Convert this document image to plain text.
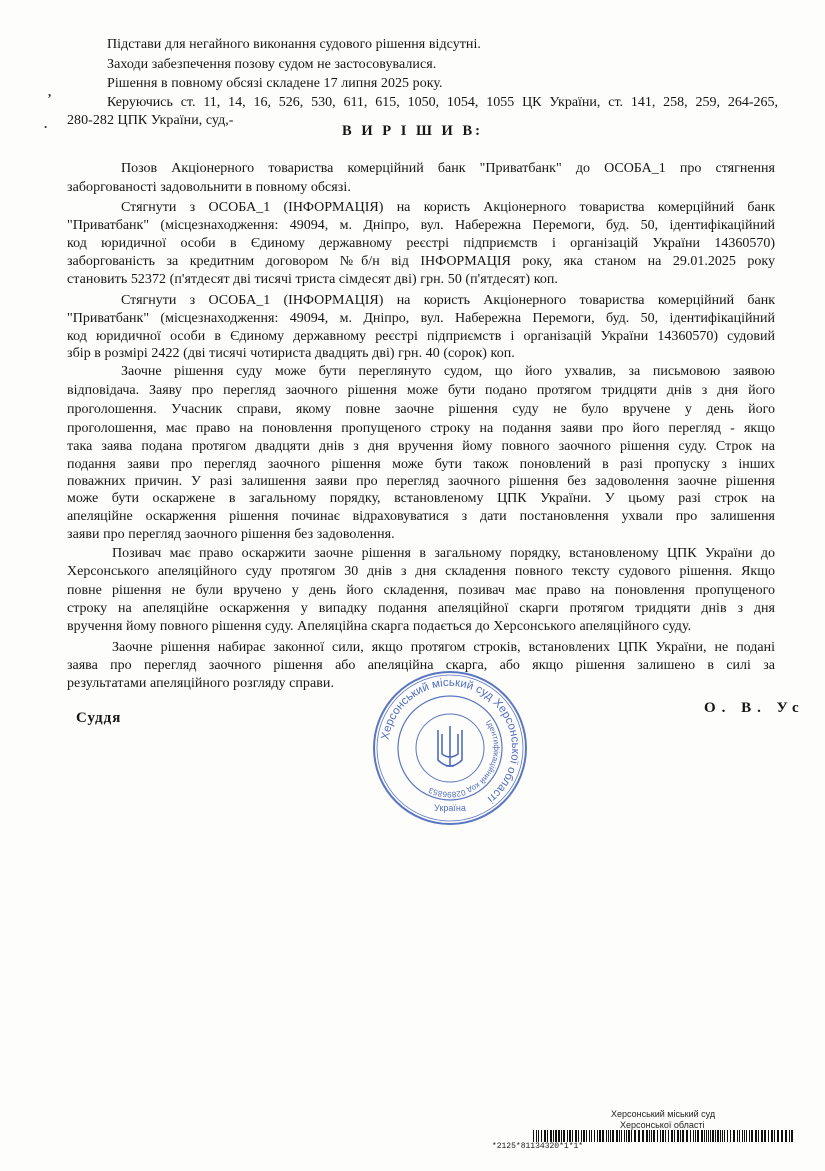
,
.
Підстави для негайного виконання судового рішення відсутні.
Заходи забезпечення позову судом не застосовувалися.
Рішення в повному обсязі складене 17 липня 2025 року.
Керуючись ст. 11, 14, 16, 526, 530, 611, 615, 1050, 1054, 1055 ЦК України, ст. 141, 258, 259, 264-265,
280-282 ЦПК України, суд,-
В И Р І Ш И В:
Позов Акціонерного товариства комерційний банк "Приватбанк" до ОСОБА_1 про стягнення
заборгованості задовольнити в повному обсязі.
Стягнути з ОСОБА_1 (ІНФОРМАЦІЯ) на користь Акціонерного товариства комерційний банк
"Приватбанк" (місцезнаходження: 49094, м. Дніпро, вул. Набережна Перемоги, буд. 50, ідентифікаційний
код юридичної особи в Єдиному державному реєстрі підприємств і організацій України 14360570)
заборгованість за кредитним договором №б/н від ІНФОРМАЦІЯ року, яка станом на 29.01.2025 року
становить 52372 (п'ятдесят дві тисячі триста сімдесят дві) грн. 50 (п'ятдесят) коп.
Стягнути з ОСОБА_1 (ІНФОРМАЦІЯ) на користь Акціонерного товариства комерційний банк
"Приватбанк" (місцезнаходження: 49094, м. Дніпро, вул. Набережна Перемоги, буд. 50, ідентифікаційний
код юридичної особи в Єдиному державному реєстрі підприємств і організацій України 14360570) судовий
збір в розмірі 2422 (дві тисячі чотириста двадцять дві) грн. 40 (сорок) коп.
Заочне рішення суду може бути переглянуто судом, що його ухвалив, за письмовою заявою
відповідача. Заяву про перегляд заочного рішення може бути подано протягом тридцяти днів з дня його
проголошення. Учасник справи, якому повне заочне рішення суду не було вручене у день його
проголошення, має право на поновлення пропущеного строку на подання заяви про його перегляд - якщо
така заява подана протягом двадцяти днів з дня вручення йому повного заочного рішення суду. Строк на
подання заяви про перегляд заочного рішення може бути також поновлений в разі пропуску з інших
поважних причин. У разі залишення заяви про перегляд заочного рішення без задоволення заочне рішення
може бути оскаржене в загальному порядку, встановленому ЦПК України. У цьому разі строк на
апеляційне оскарження рішення починає відраховуватися з дати постановлення ухвали про залишення
заяви про перегляд заочного рішення без задоволення.
Позивач має право оскаржити заочне рішення в загальному порядку, встановленому ЦПК України до
Херсонського апеляційного суду протягом 30 днів з дня складення повного тексту судового рішення. Якщо
повне рішення не були вручено у день його складення, позивач має право на поновлення пропущеного
строку на апеляційне оскарження у випадку подання апеляційної скарги протягом тридцяти днів з дня
вручення йому повного рішення суду. Апеляційна скарга подається до Херсонського апеляційного суду.
Заочне рішення набирає законної сили, якщо протягом строків, встановлених ЦПК України, не подані
заява про перегляд заочного рішення або апеляційна скарга, або якщо рішення залишено в силі за
результатами апеляційного розгляду справи.
Суддя
О. В. Ус
Херсонський міський суд Херсонської області
Ідентифікаційний код 02896853
Україна
Херсонський міський суд
Херсонської області
*2125*81134320*1*1*
